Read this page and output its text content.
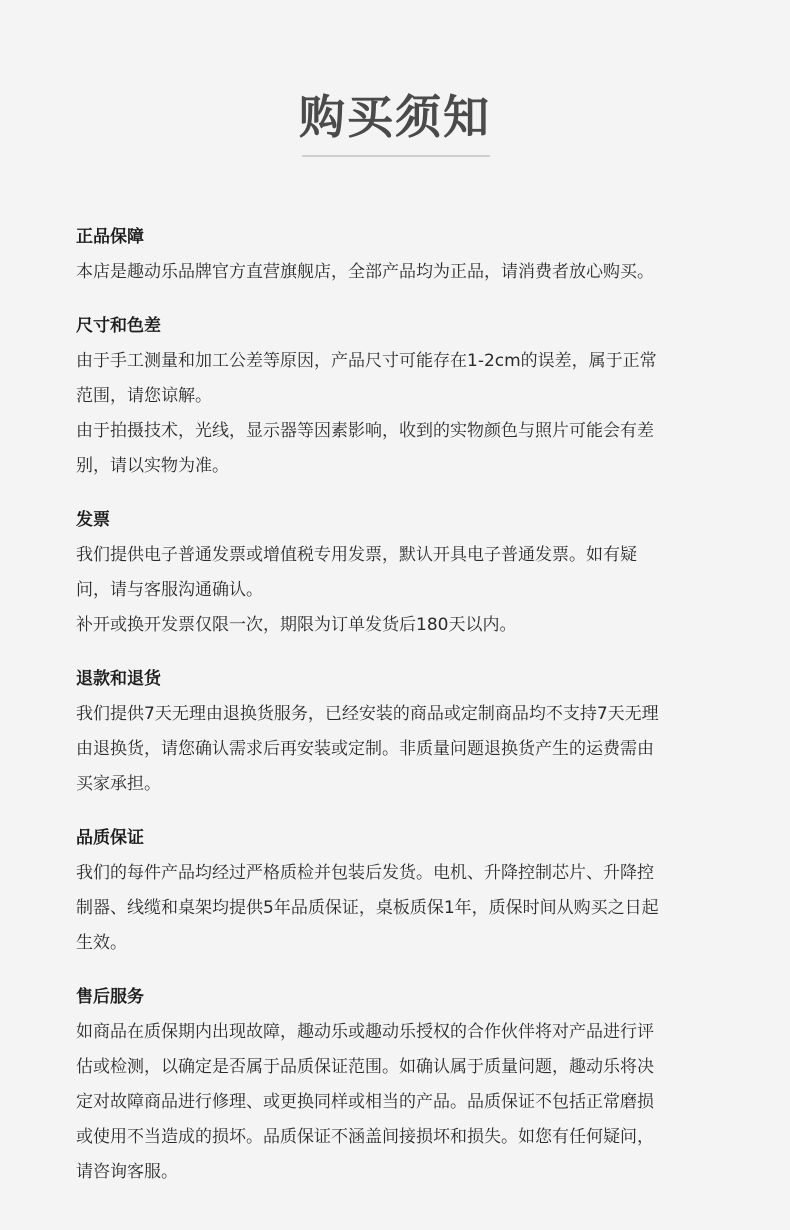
购买须知
正品保障

本店是趣动乐品牌官方直营旗舰店，全部产品均为正品，请消费者放心购买。

尺寸和色差

由于手工测量和加工公差等原因，产品尺寸可能存在1-2cm的误差，属于正常
范围，请您谅解。

由于拍摄技术，光线，显示器等因素影响，收到的实物颜色与照片可能会有差
别，请以实物为准。

发票

我们提供电子普通发票或增值税专用发票，默认开具电子普通发票。如有疑
问，请与客服沟通确认。

补开或换开发票仅限一次，期限为订单发货后180天以内。

退款和退货

我们提供7天无理由退换货服务，已经安装的商品或定制商品均不支持7天无理
由退换货，请您确认需求后再安装或定制。非质量问题退换货产生的运费需由
买家承担。

品质保证

我们的每件产品均经过严格质检并包装后发货。电机、升降控制芯片、升降控
制器、线缆和桌架均提供5年品质保证，桌板质保1年，质保时间从购买之日起
生效。

售后服务

如商品在质保期内出现故障，趣动乐或趣动乐授权的合作伙伴将对产品进行评
估或检测，以确定是否属于品质保证范围。如确认属于质量问题，趣动乐将决
定对故障商品进行修理、或更换同样或相当的产品。品质保证不包括正常磨损
或使用不当造成的损坏。品质保证不涵盖间接损坏和损失。如您有任何疑问，
请咨询客服。
